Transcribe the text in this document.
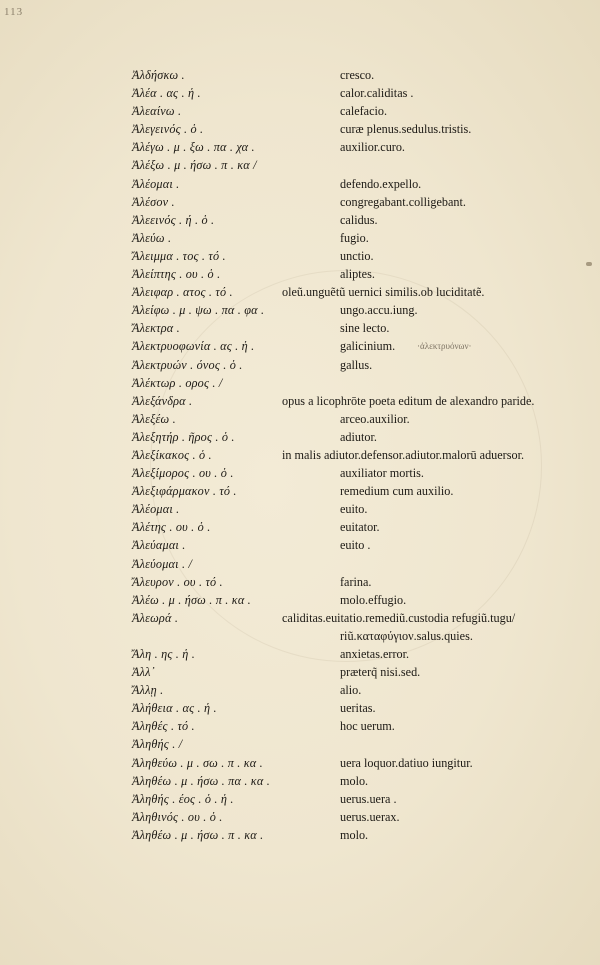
113
Ἀλδήσκω .	cresco.
Ἀλέα . ας . ἡ .	calor.caliditas .
Ἀλεαίνω .	calefacio.
Ἀλεγεινός . ὁ .	curæ plenus.sedulus.tristis.
Ἀλέγω . μ . ξω . πα . χα .	auxilior.curo.
Ἀλέξω . μ . ήσω . π . κα /
Ἀλέομαι .	defendo.expello.
Ἀλέσον .	congregabant.colligebant.
Ἀλεεινός . ή . ὁ .	calidus.
Ἀλεύω .	fugio.
Ἄλειμμα . τος . τό .	unctio.
Ἀλείπτης . ου . ὁ .	aliptes.
Ἀλειφαρ . ατος . τό .	oleũ.unguẽtũ uernici similis.ob luciditatẽ.
Ἀλείφω . μ . ψω . πα . φα .	ungo.accu.iung.
Ἄλεκτρα .	sine lecto.
Ἀλεκτρυοφωνία . ας . ἡ .	galicinium. ·ἀλεκτρυόνων·
Ἀλεκτρυών . όνος . ὁ .	gallus.
Ἀλέκτωρ . ορος . /
Ἀλεξάνδρα .	opus a licophrōte poeta editum de alexandro paride.
Ἀλεξέω .	arceo.auxilior.
Ἀλεξητήρ . ῆρος . ὁ .	adiutor.
Ἀλεξίκακος . ὁ .	in malis adiutor.defensor.adiutor.malorū aduersor.
Ἀλεξίμορος . ου . ὁ .	auxiliator mortis.
Ἀλεξιφάρμακον . τό .	remedium cum auxilio.
Ἀλέομαι .	euito.
Ἀλέτης . ου . ὁ .	euitator.
Ἀλεύαμαι .	euito .
Ἀλεύομαι . /
Ἄλευρον . ου . τό .	farina.
Ἀλέω . μ . ήσω . π . κα .	molo.effugio.
Ἀλεωρά .	caliditas.euitatio.remediũ.custodia refugiũ.tugu/
riũ.καταφύγιον.salus.quies.
Ἄλη . ης . ἡ .	anxietas.error.
Ἀλλ᾽	præterq̃ nisi.sed.
Ἄλλῃ .	alio.
Ἀλήθεια . ας . ἡ .	ueritas.
Ἀληθές . τό .	hoc uerum.
Ἀληθής . /
Ἀληθεύω . μ . σω . π . κα .	uera loquor.datiuo iungitur.
Ἀληθέω . μ . ήσω . πα . κα .	molo.
Ἀληθής . έος . ὁ . ἡ .	uerus.uera .
Ἀληθινός . ου . ὁ .	uerus.uerax.
Ἀληθέω . μ . ήσω . π . κα .	molo.
